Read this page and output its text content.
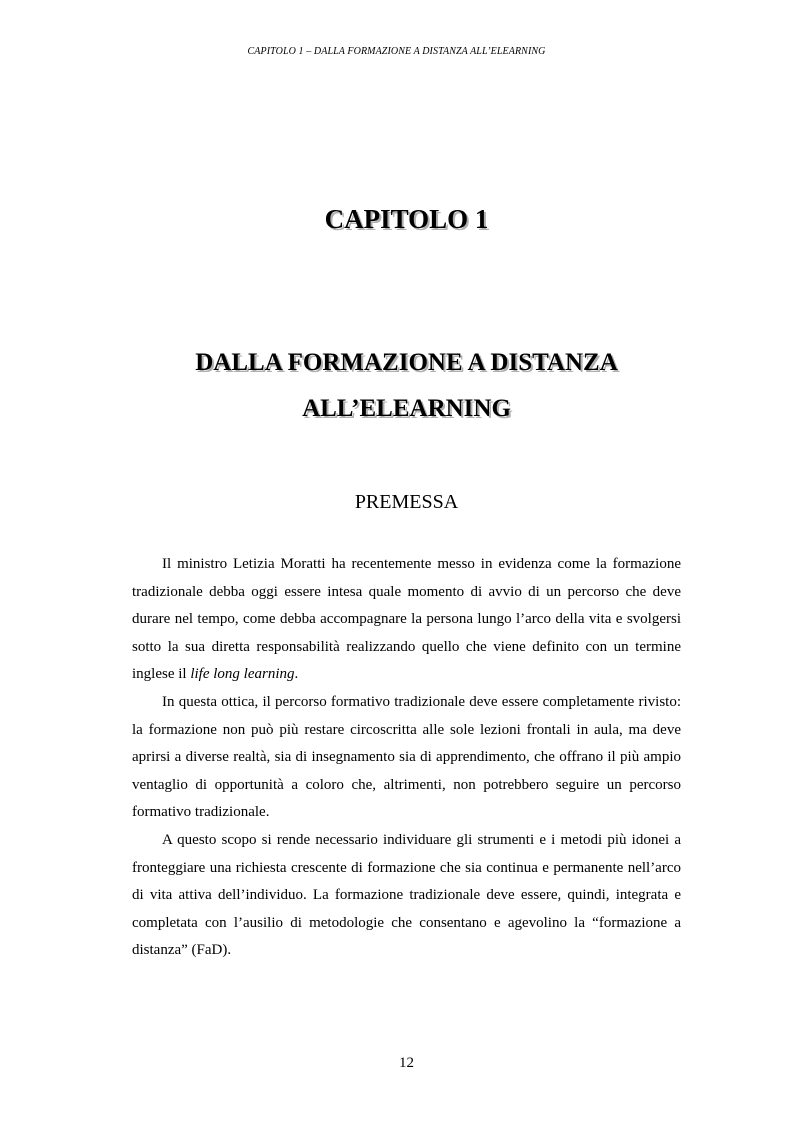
CAPITOLO 1 – DALLA FORMAZIONE A DISTANZA ALL’ELEARNING
CAPITOLO 1
DALLA FORMAZIONE A DISTANZA
ALL’ELEARNING
PREMESSA

Il ministro Letizia Moratti ha recentemente messo in evidenza come la formazione tradizionale debba oggi essere intesa quale momento di avvio di un percorso che deve durare nel tempo, come debba accompagnare la persona lungo l’arco della vita e svolgersi sotto la sua diretta responsabilità realizzando quello che viene definito con un termine inglese il life long learning.

In questa ottica, il percorso formativo tradizionale deve essere completamente rivisto: la formazione non può più restare circoscritta alle sole lezioni frontali in aula, ma deve aprirsi a diverse realtà, sia di insegnamento sia di apprendimento, che offrano il più ampio ventaglio di opportunità a coloro che, altrimenti, non potrebbero seguire un percorso formativo tradizionale.

A questo scopo si rende necessario individuare gli strumenti e i metodi più idonei a fronteggiare una richiesta crescente di formazione che sia continua e permanente nell’arco di vita attiva dell’individuo. La formazione tradizionale deve essere, quindi, integrata e completata con l’ausilio di metodologie che consentano e agevolino la “formazione a distanza” (FaD).

12
